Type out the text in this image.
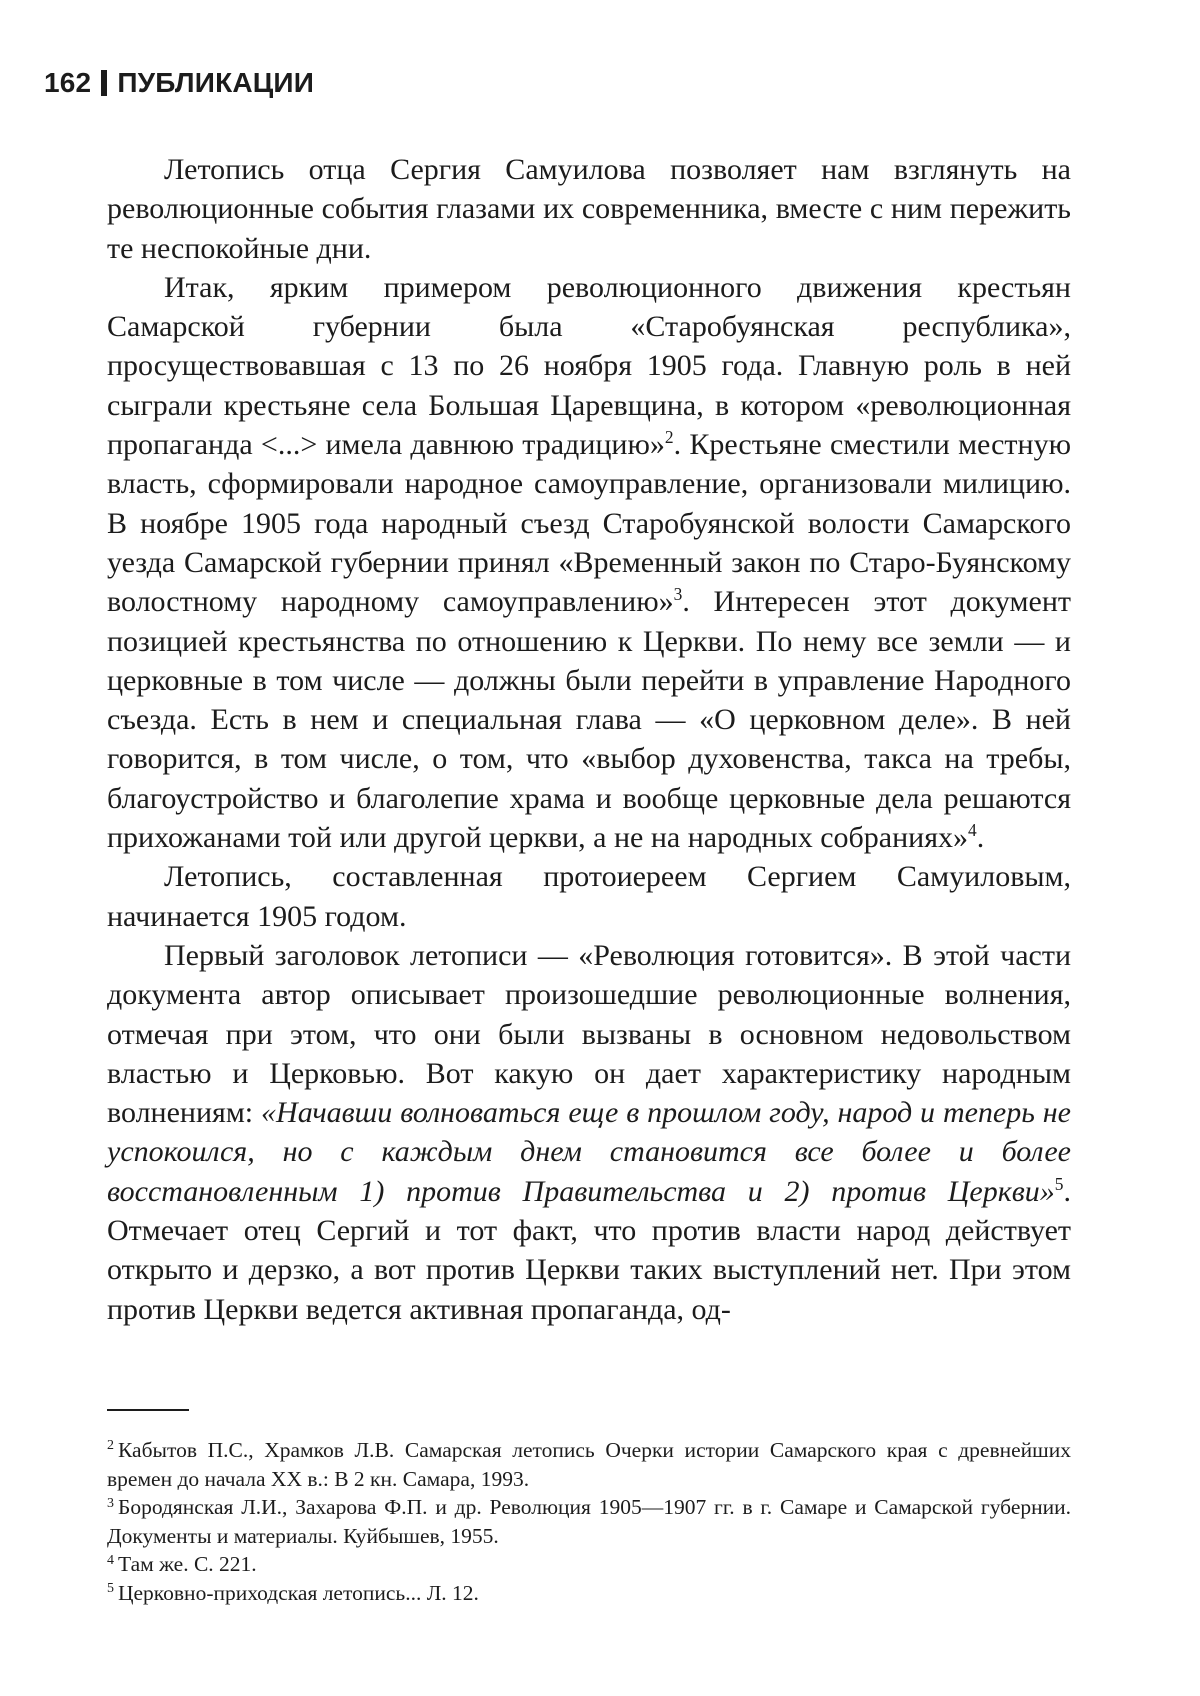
162 ПУБЛИКАЦИИ

Летопись отца Сергия Самуилова позволяет нам взглянуть на революционные события глазами их современника, вместе с ним пережить те неспокойные дни.

Итак, ярким примером революционного движения крестьян Самарской губернии была «Старобуянская республика», просуществовавшая с 13 по 26 ноября 1905 года. Главную роль в ней сыграли крестьяне села Большая Царевщина, в котором «революционная пропаганда <...> имела давнюю традицию»$^2$. Крестьяне сместили местную власть, сформировали народное самоуправление, организовали милицию. В ноябре 1905 года народный съезд Старобуянской волости Самарского уезда Самарской губернии принял «Временный закон по Старо-Буянскому волостному народному самоуправлению»$^3$. Интересен этот документ позицией крестьянства по отношению к Церкви. По нему все земли — и церковные в том числе — должны были перейти в управление Народного съезда. Есть в нем и специальная глава — «О церковном деле». В ней говорится, в том числе, о том, что «выбор духовенства, такса на требы, благоустройство и благолепие храма и вообще церковные дела решаются прихожанами той или другой церкви, а не на народных собраниях»$^4$.

Летопись, составленная протоиереем Сергием Самуиловым, начинается 1905 годом.

Первый заголовок летописи — «Революция готовится». В этой части документа автор описывает произошедшие революционные волнения, отмечая при этом, что они были вызваны в основном недовольством властью и Церковью. Вот какую он дает характеристику народным волнениям: «Начавши волноваться еще в прошлом году, народ и теперь не успокоился, но с каждым днем становится все более и более восстановленным 1) против Правительства и 2) против Церкви»$^5$. Отмечает отец Сергий и тот факт, что против власти народ действует открыто и дерзко, а вот против Церкви таких выступлений нет. При этом против Церкви ведется активная пропаганда, од-

$^2$ Кабытов П.С., Храмков Л.В. Самарская летопись Очерки истории Самарского края с древнейших времен до начала XX в.: В 2 кн. Самара, 1993.

$^3$ Бородянская Л.И., Захарова Ф.П. и др. Революция 1905—1907 гг. в г. Самаре и Самарской губернии. Документы и материалы. Куйбышев, 1955.

$^4$ Там же. С. 221.

$^5$ Церковно-приходская летопись... Л. 12.
